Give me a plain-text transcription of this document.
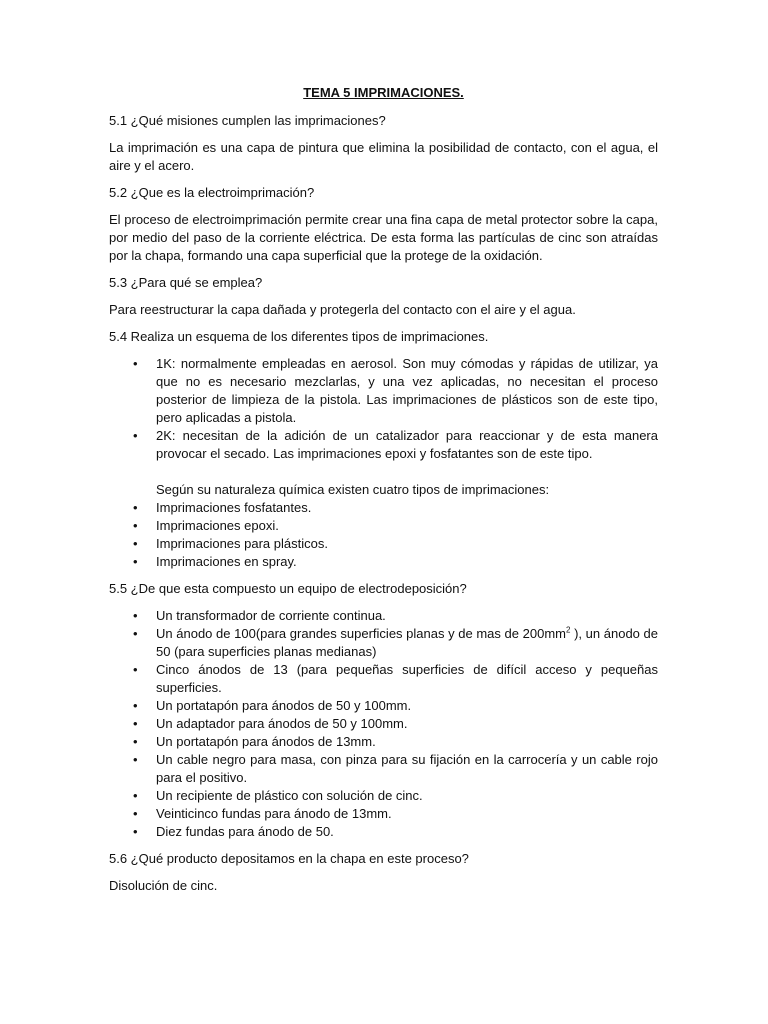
TEMA 5 IMPRIMACIONES.
5.1 ¿Qué misiones cumplen las imprimaciones?
La imprimación es una capa de pintura que elimina la posibilidad de contacto, con el agua, el aire y el acero.
5.2 ¿Que es la electroimprimación?
El proceso de electroimprimación permite crear una fina capa de metal protector sobre la capa, por medio del paso de la corriente eléctrica. De esta forma las partículas de cinc son atraídas por la chapa, formando una capa superficial que la protege de la oxidación.
5.3 ¿Para qué se emplea?
Para reestructurar la capa dañada y protegerla del contacto con el aire y el agua.
5.4 Realiza un esquema de los diferentes tipos de imprimaciones.
•	1K: normalmente empleadas en aerosol. Son muy cómodas y rápidas de utilizar, ya que no es necesario mezclarlas, y una vez aplicadas, no necesitan el proceso posterior de limpieza de la pistola. Las imprimaciones de plásticos son de este tipo, pero aplicadas a pistola.
•	2K: necesitan de la adición de un catalizador para reaccionar y de esta manera provocar el secado. Las imprimaciones epoxi y fosfatantes son de este tipo.
Según su naturaleza química existen cuatro tipos de imprimaciones:
•	Imprimaciones fosfatantes.
•	Imprimaciones epoxi.
•	Imprimaciones para plásticos.
•	Imprimaciones en spray.
5.5 ¿De que esta compuesto un equipo de electrodeposición?
•	Un transformador de corriente continua.
•	Un ánodo de 100(para grandes superficies planas y de mas de $200mm^2$ ), un ánodo de 50 (para superficies planas medianas)
•	Cinco ánodos de 13 (para pequeñas superficies de difícil acceso y pequeñas superficies.
•	Un portatapón para ánodos de 50 y 100mm.
•	Un adaptador para ánodos de 50 y 100mm.
•	Un portatapón para ánodos de 13mm.
•	Un cable negro para masa, con pinza para su fijación en la carrocería y un cable rojo para el positivo.
•	Un recipiente de plástico con solución de cinc.
•	Veinticinco fundas para ánodo de 13mm.
•	Diez fundas para ánodo de 50.
5.6 ¿Qué producto depositamos en la chapa en este proceso?
Disolución de cinc.
